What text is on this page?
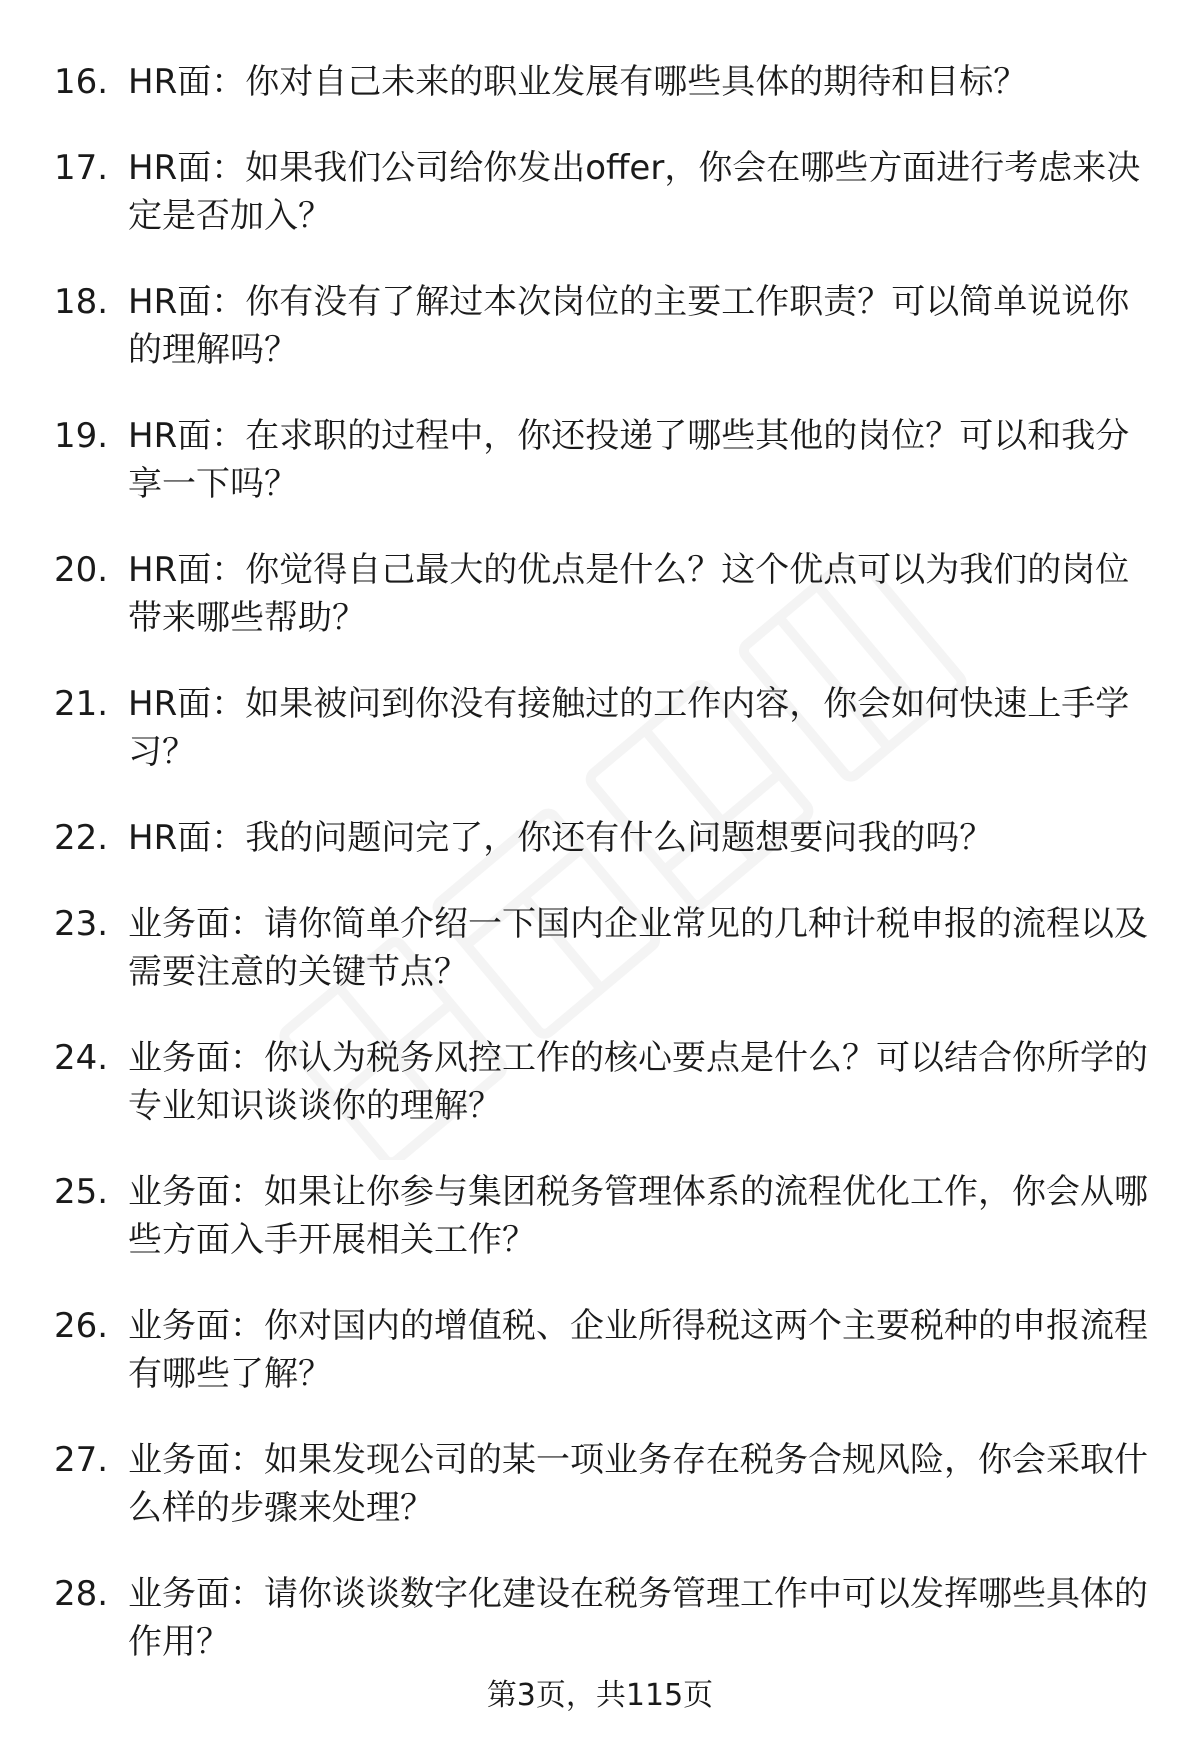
16. HR面：你对自己未来的职业发展有哪些具体的期待和目标？
17. HR面：如果我们公司给你发出offer，你会在哪些方面进行考虑来决定是否加入？
18. HR面：你有没有了解过本次岗位的主要工作职责？可以简单说说你的理解吗？
19. HR面：在求职的过程中，你还投递了哪些其他的岗位？可以和我分享一下吗？
20. HR面：你觉得自己最大的优点是什么？这个优点可以为我们的岗位带来哪些帮助？
21. HR面：如果被问到你没有接触过的工作内容，你会如何快速上手学习？
22. HR面：我的问题问完了，你还有什么问题想要问我的吗？
23. 业务面：请你简单介绍一下国内企业常见的几种计税申报的流程以及需要注意的关键节点？
24. 业务面：你认为税务风控工作的核心要点是什么？可以结合你所学的专业知识谈谈你的理解？
25. 业务面：如果让你参与集团税务管理体系的流程优化工作，你会从哪些方面入手开展相关工作？
26. 业务面：你对国内的增值税、企业所得税这两个主要税种的申报流程有哪些了解？
27. 业务面：如果发现公司的某一项业务存在税务合规风险，你会采取什么样的步骤来处理？
28. 业务面：请你谈谈数字化建设在税务管理工作中可以发挥哪些具体的作用？
第3页，共115页
